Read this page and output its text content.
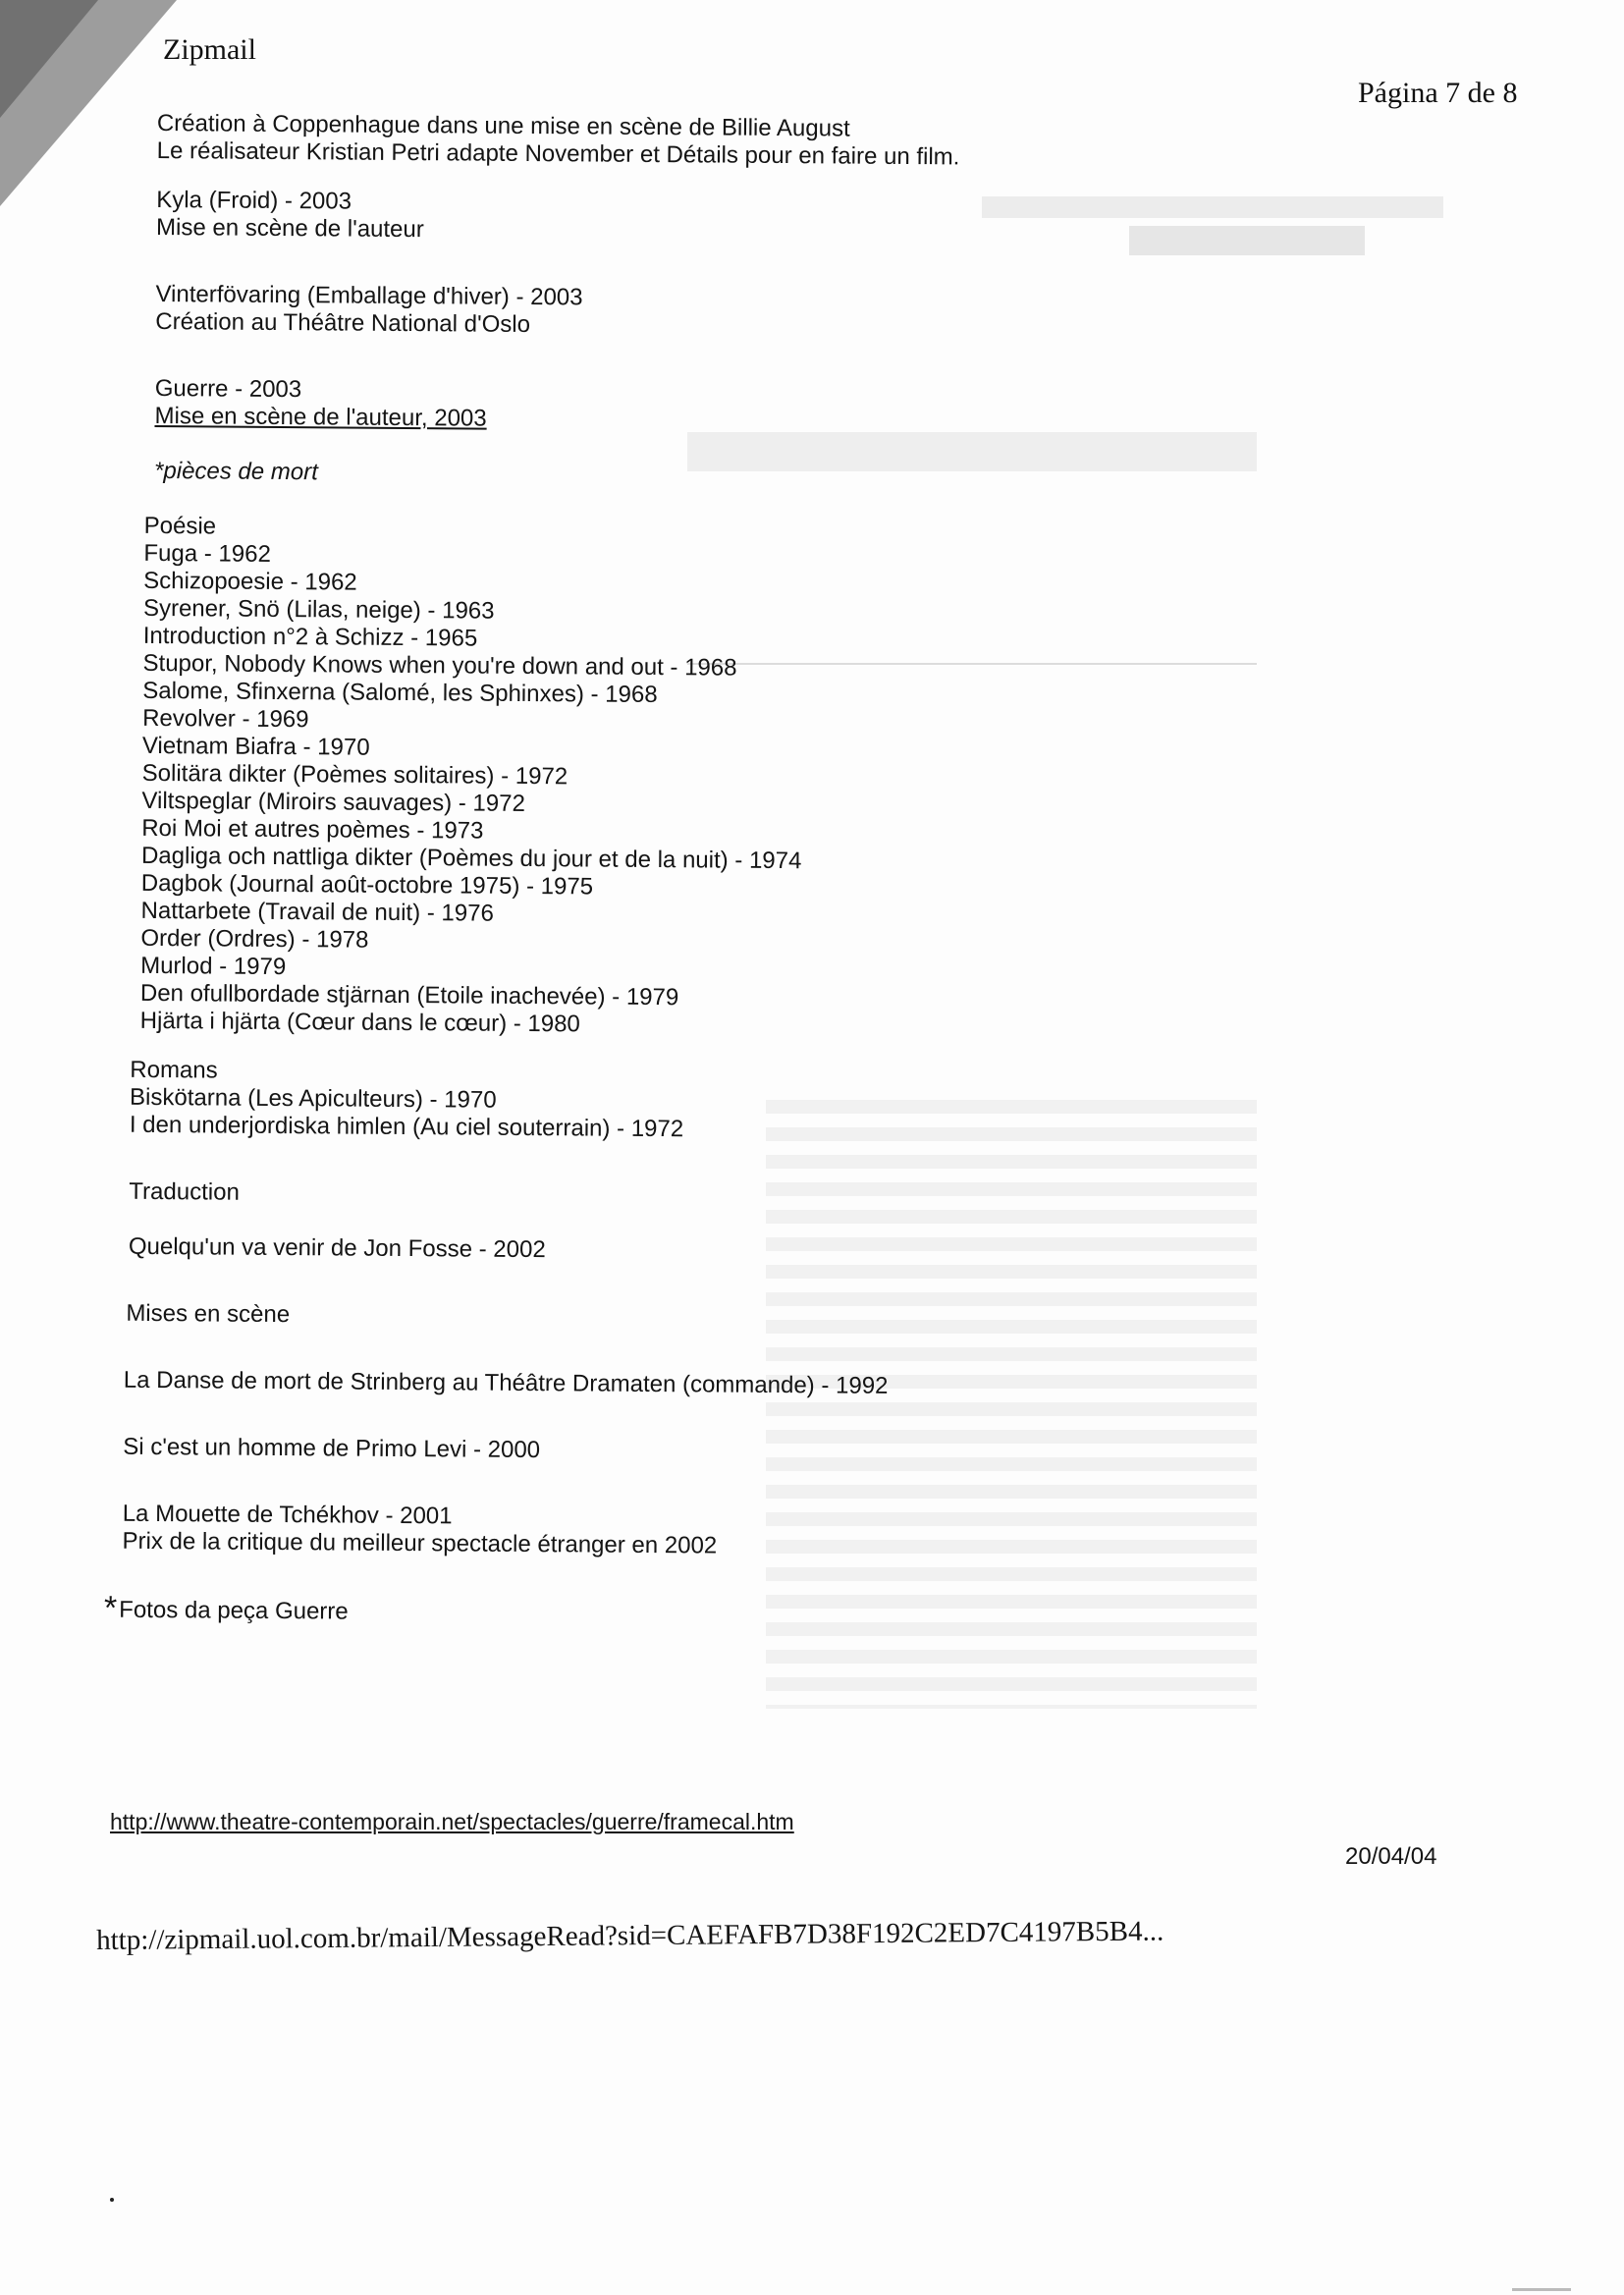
Zipmail
Página 7 de 8
Création à Coppenhague dans une mise en scène de Billie August
Le réalisateur Kristian Petri adapte November et Détails pour en faire un film.
Kyla (Froid) - 2003
Mise en scène de l'auteur
Vinterfövaring (Emballage d'hiver) - 2003
Création au Théâtre National d'Oslo
Guerre - 2003
Mise en scène de l'auteur, 2003
*pièces de mort
Poésie
Fuga - 1962
Schizopoesie - 1962
Syrener, Snö (Lilas, neige) - 1963
Introduction n°2 à Schizz - 1965
Stupor, Nobody Knows when you're down and out - 1968
Salome, Sfinxerna (Salomé, les Sphinxes) - 1968
Revolver - 1969
Vietnam Biafra - 1970
Solitära dikter (Poèmes solitaires) - 1972
Viltspeglar (Miroirs sauvages) - 1972
Roi Moi et autres poèmes - 1973
Dagliga och nattliga dikter (Poèmes du jour et de la nuit) - 1974
Dagbok (Journal août-octobre 1975) - 1975
Nattarbete (Travail de nuit) - 1976
Order (Ordres) - 1978
Murlod - 1979
Den ofullbordade stjärnan (Etoile inachevée) - 1979
Hjärta i hjärta (Cœur dans le cœur) - 1980
Romans
Biskötarna (Les Apiculteurs) - 1970
I den underjordiska himlen (Au ciel souterrain) - 1972
Traduction
Quelqu'un va venir de Jon Fosse - 2002
Mises en scène
La Danse de mort de Strinberg au Théâtre Dramaten (commande) - 1992
Si c'est un homme de Primo Levi - 2000
La Mouette de Tchékhov - 2001
Prix de la critique du meilleur spectacle étranger en 2002
*Fotos da peça Guerre
http://www.theatre-contemporain.net/spectacles/guerre/framecal.htm
http://zipmail.uol.com.br/mail/MessageRead?sid=CAEFAFB7D38F192C2ED7C4197B5B4...
20/04/04
